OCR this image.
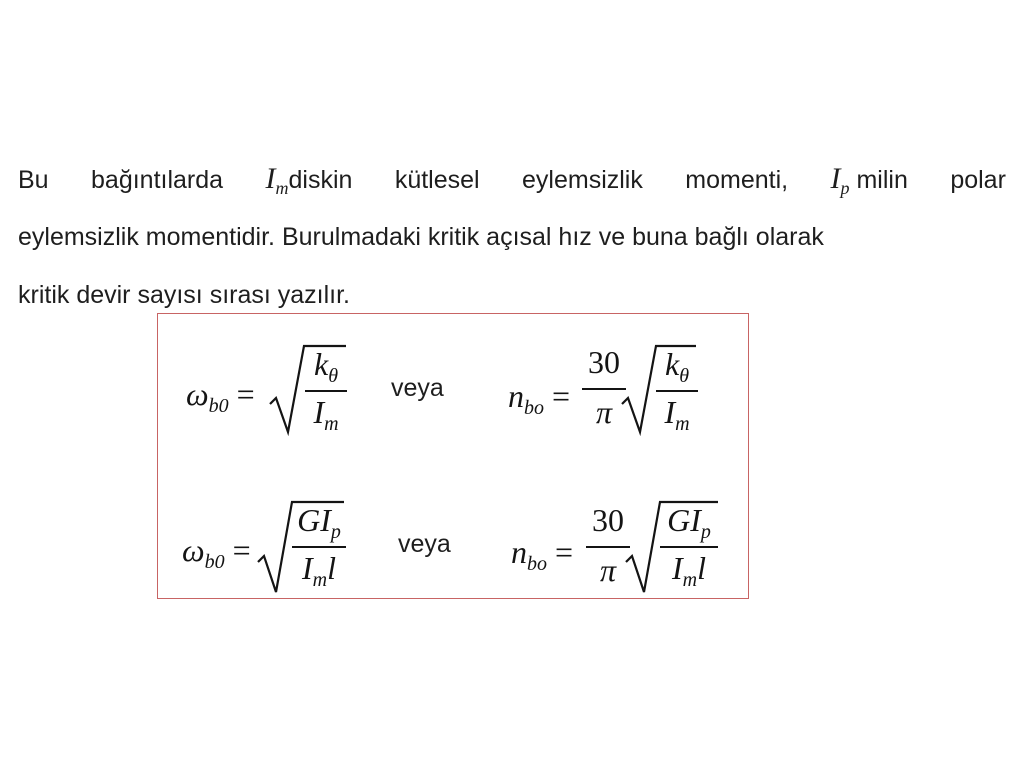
Bu bağıntılarda $I_mdiskin$ kütlesel eylemsizlik momenti, $I_p$ milin polar
eylemsizlik momentidir. Burulmadaki kritik açısal hız ve buna bağlı olarak
kritik devir sayısı sırası yazılır.
$\omega_{b0}$ =
$k_\theta$
$I_m$
veya $n_{bo}$ =
30
π
$k_\theta$
$I_m$
$\omega_{b0}$ =
$GI_p$
$I_ml$
veya $n_{bo}$ =
30
π
$GI_p$
$I_ml$
